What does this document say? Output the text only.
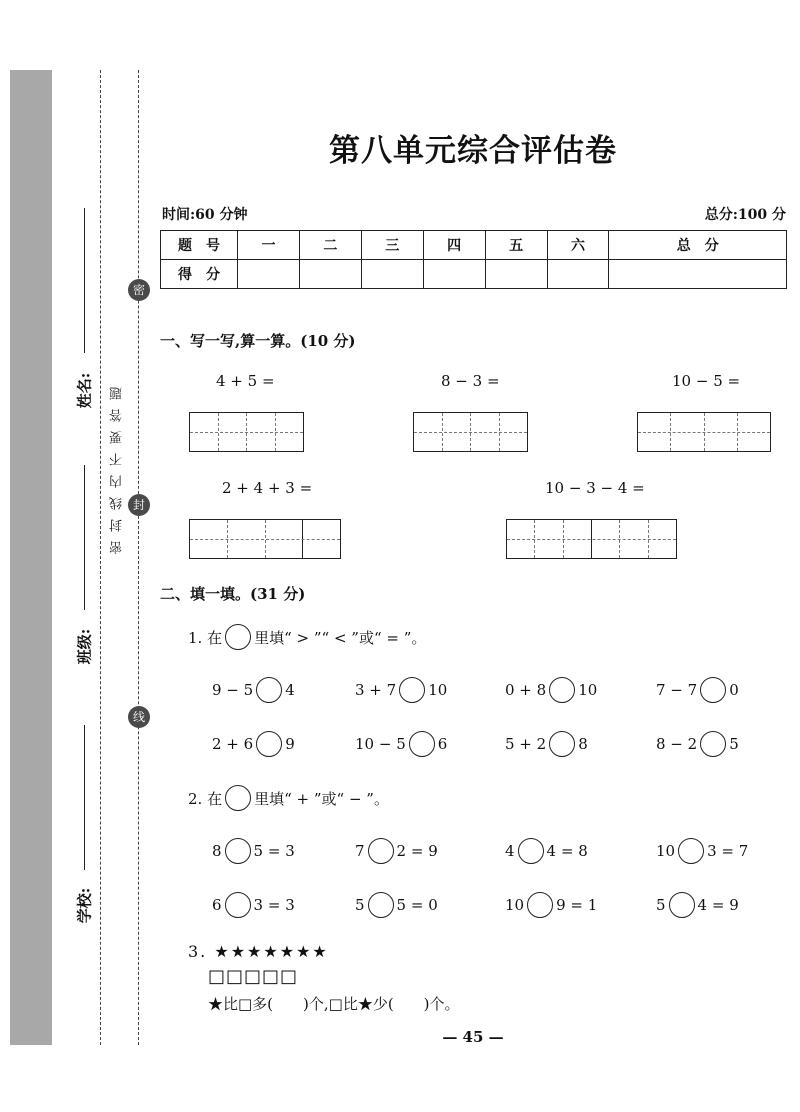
姓名:
班级:
学校:
密
封
线
密封线内不要答题
第八单元综合评估卷
时间:60 分钟	总分:100 分
题　号	一	二	三	四	五	六	总　分
得　分							
一、写一写,算一算。(10 分)
4 + 5 =	8 − 3 =	10 − 5 =
2 + 4 + 3 =	10 − 3 − 4 =
二、填一填。(31 分)
1. 在 里填“ > ”“ < ”或“ = ”。
9 − 5 4	3 + 7 10	0 + 8 10	7 − 7 0
2 + 6 9	10 − 5 6	5 + 2 8	8 − 2 5
2. 在 里填“ + ”或“ − ”。
8 5 = 3	7 2 = 9	4 4 = 8	10 3 = 7
6 3 = 3	5 5 = 0	10 9 = 1	5 4 = 9
3. ★★★★★★★
□□□□□
★比□多(　　)个,□比★少(　　)个。
— 45 —
